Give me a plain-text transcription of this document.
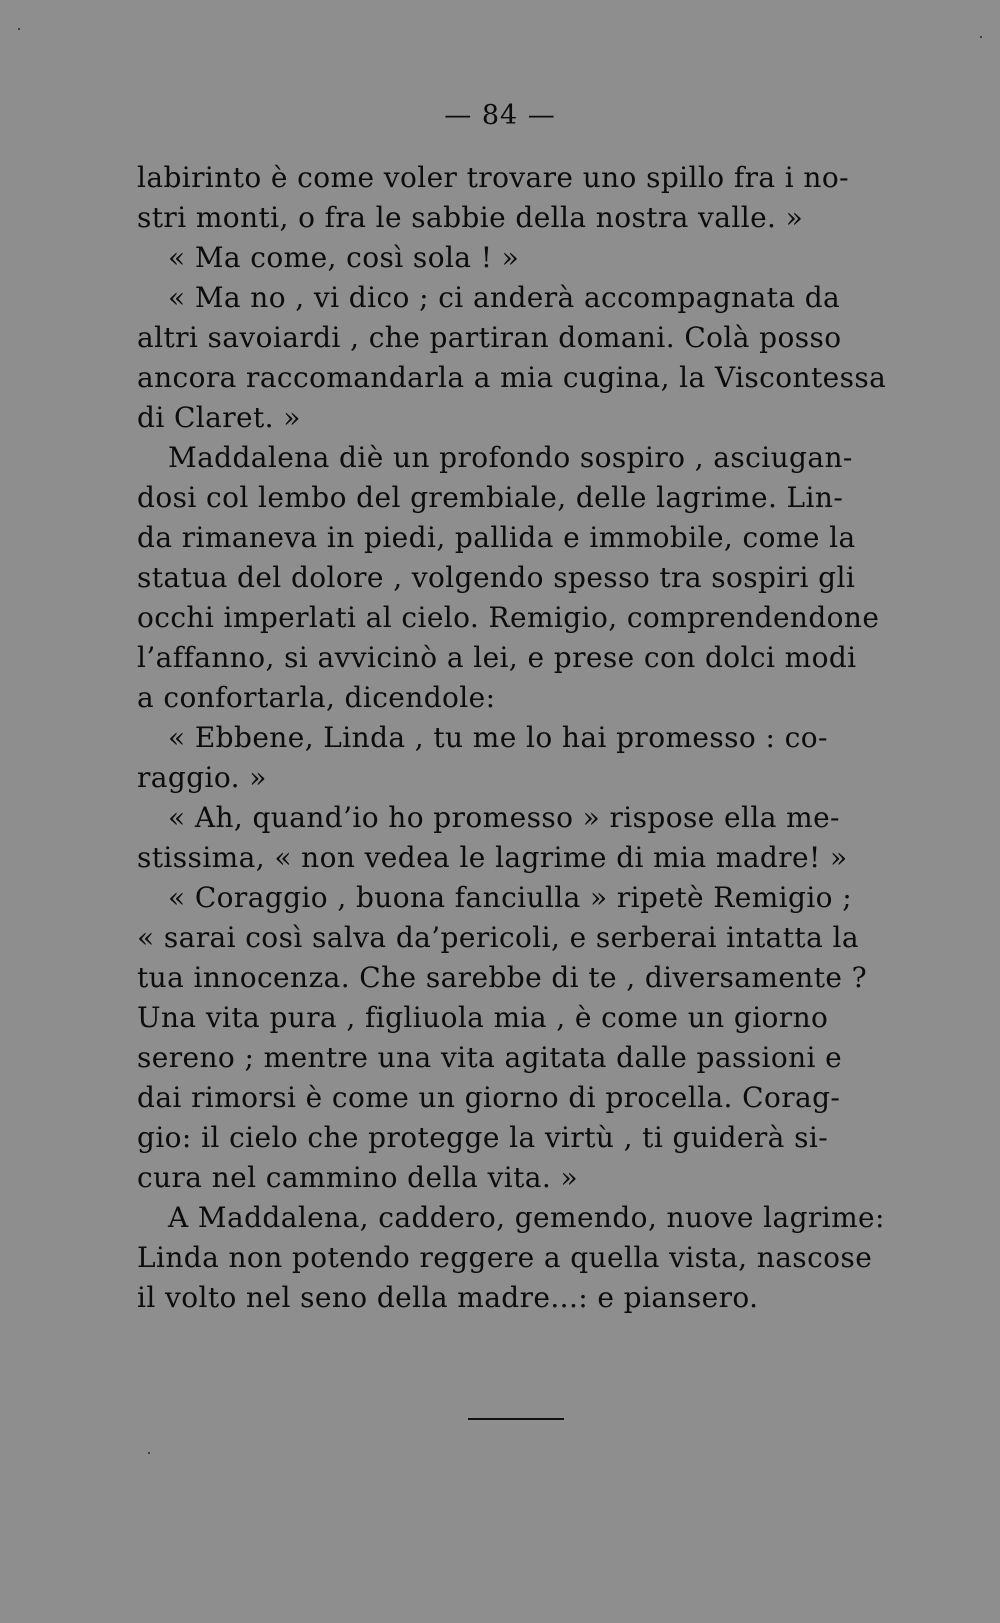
— 84 —
labirinto è come voler trovare uno spillo fra i no-
stri monti, o fra le sabbie della nostra valle. »
« Ma come, così sola ! »
« Ma no , vi dico ; ci anderà accompagnata da
altri savoiardi , che partiran domani. Colà posso
ancora raccomandarla a mia cugina, la Viscontessa
di Claret. »
Maddalena diè un profondo sospiro , asciugan-
dosi col lembo del grembiale, delle lagrime. Lin-
da rimaneva in piedi, pallida e immobile, come la
statua del dolore , volgendo spesso tra sospiri gli
occhi imperlati al cielo. Remigio, comprendendone
l’affanno, si avvicinò a lei, e prese con dolci modi
a confortarla, dicendole:
« Ebbene, Linda , tu me lo hai promesso : co-
raggio. »
« Ah, quand’io ho promesso » rispose ella me-
stissima, « non vedea le lagrime di mia madre! »
« Coraggio , buona fanciulla » ripetè Remigio ;
« sarai così salva da’pericoli, e serberai intatta la
tua innocenza. Che sarebbe di te , diversamente ?
Una vita pura , figliuola mia , è come un giorno
sereno ; mentre una vita agitata dalle passioni e
dai rimorsi è come un giorno di procella. Corag-
gio: il cielo che protegge la virtù , ti guiderà si-
cura nel cammino della vita. »
A Maddalena, caddero, gemendo, nuove lagrime:
Linda non potendo reggere a quella vista, nascose
il volto nel seno della madre...: e piansero.
